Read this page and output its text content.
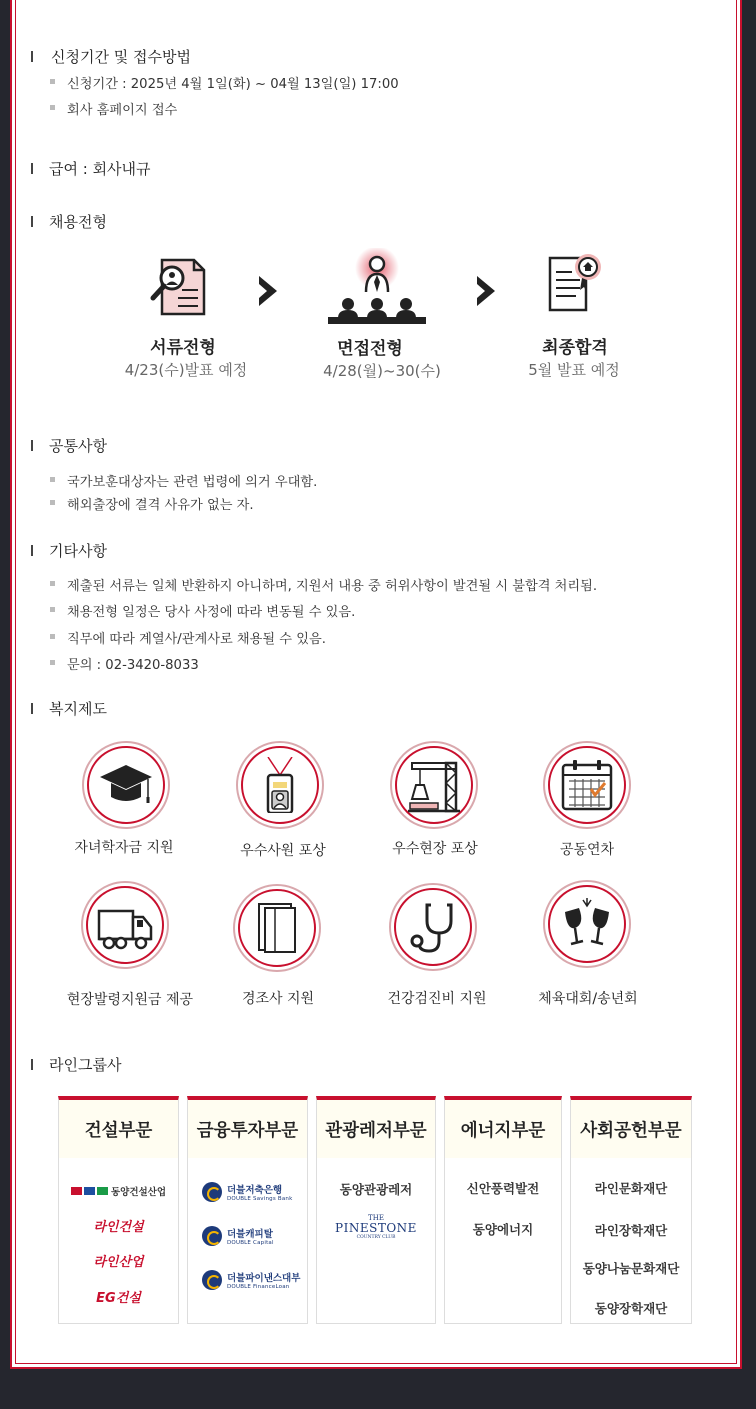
신청기간 및 접수방법
신청기간 : 2025년 4월 1일(화) ~ 04월 13일(일) 17:00
회사 홈페이지 접수
급여 : 회사내규
채용전형
서류전형
4/23(수)발표 예정
면접전형
4/28(월)~30(수)
최종합격
5월 발표 예정
공통사항
국가보훈대상자는 관련 법령에 의거 우대함.
해외출장에 결격 사유가 없는 자.
기타사항
제출된 서류는 일체 반환하지 아니하며, 지원서 내용 중 허위사항이 발견될 시 불합격 처리됨.
채용전형 일정은 당사 사정에 따라 변동될 수 있음.
직무에 따라 계열사/관계사로 채용될 수 있음.
문의 : 02-3420-8033
복지제도
자녀학자금 지원	우수사원 포상	우수현장 포상	공동연차
현장발령지원금 제공	경조사 지원	건강검진비 지원	체육대회/송년회
라인그룹사
건설부문
동양건설산업
라인건설
라인산업
EG건설
금융투자부문
더블저축은행
DOUBLE Savings Bank
더블캐피탈
DOUBLE Capital
더블파이낸스대부
DOUBLE FinanceLoan
관광레저부문
동양관광레저
THE
PINESTONE
COUNTRY CLUB
에너지부문
신안풍력발전
동양에너지
사회공헌부문
라인문화재단
라인장학재단
동양나눔문화재단
동양장학재단
